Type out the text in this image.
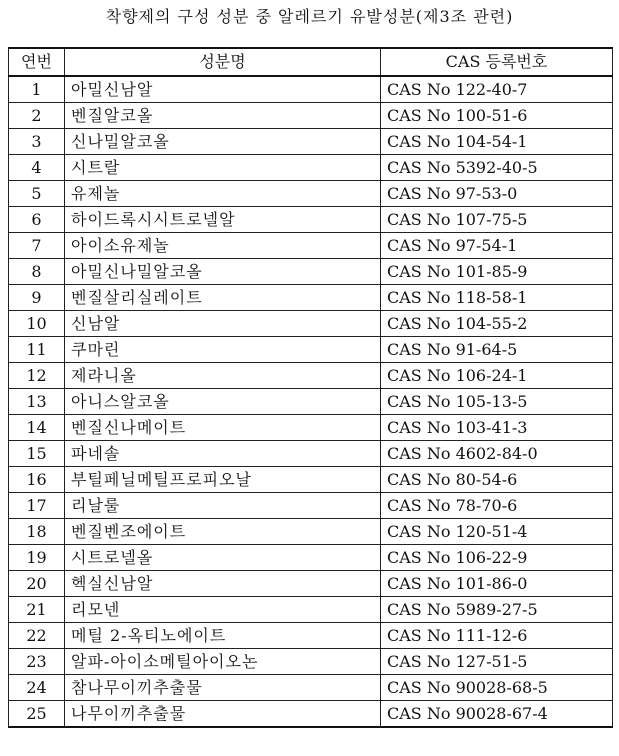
착향제의 구성 성분 중 알레르기 유발성분(제3조 관련)
연번	성분명	CAS 등록번호
1	아밀신남알	CAS No 122-40-7
2	벤질알코올	CAS No 100-51-6
3	신나밀알코올	CAS No 104-54-1
4	시트랄	CAS No 5392-40-5
5	유제놀	CAS No 97-53-0
6	하이드록시시트로넬알	CAS No 107-75-5
7	아이소유제놀	CAS No 97-54-1
8	아밀신나밀알코올	CAS No 101-85-9
9	벤질살리실레이트	CAS No 118-58-1
10	신남알	CAS No 104-55-2
11	쿠마린	CAS No 91-64-5
12	제라니올	CAS No 106-24-1
13	아니스알코올	CAS No 105-13-5
14	벤질신나메이트	CAS No 103-41-3
15	파네솔	CAS No 4602-84-0
16	부틸페닐메틸프로피오날	CAS No 80-54-6
17	리날룰	CAS No 78-70-6
18	벤질벤조에이트	CAS No 120-51-4
19	시트로넬올	CAS No 106-22-9
20	헥실신남알	CAS No 101-86-0
21	리모넨	CAS No 5989-27-5
22	메틸 2-옥티노에이트	CAS No 111-12-6
23	알파-아이소메틸아이오논	CAS No 127-51-5
24	참나무이끼추출물	CAS No 90028-68-5
25	나무이끼추출물	CAS No 90028-67-4
